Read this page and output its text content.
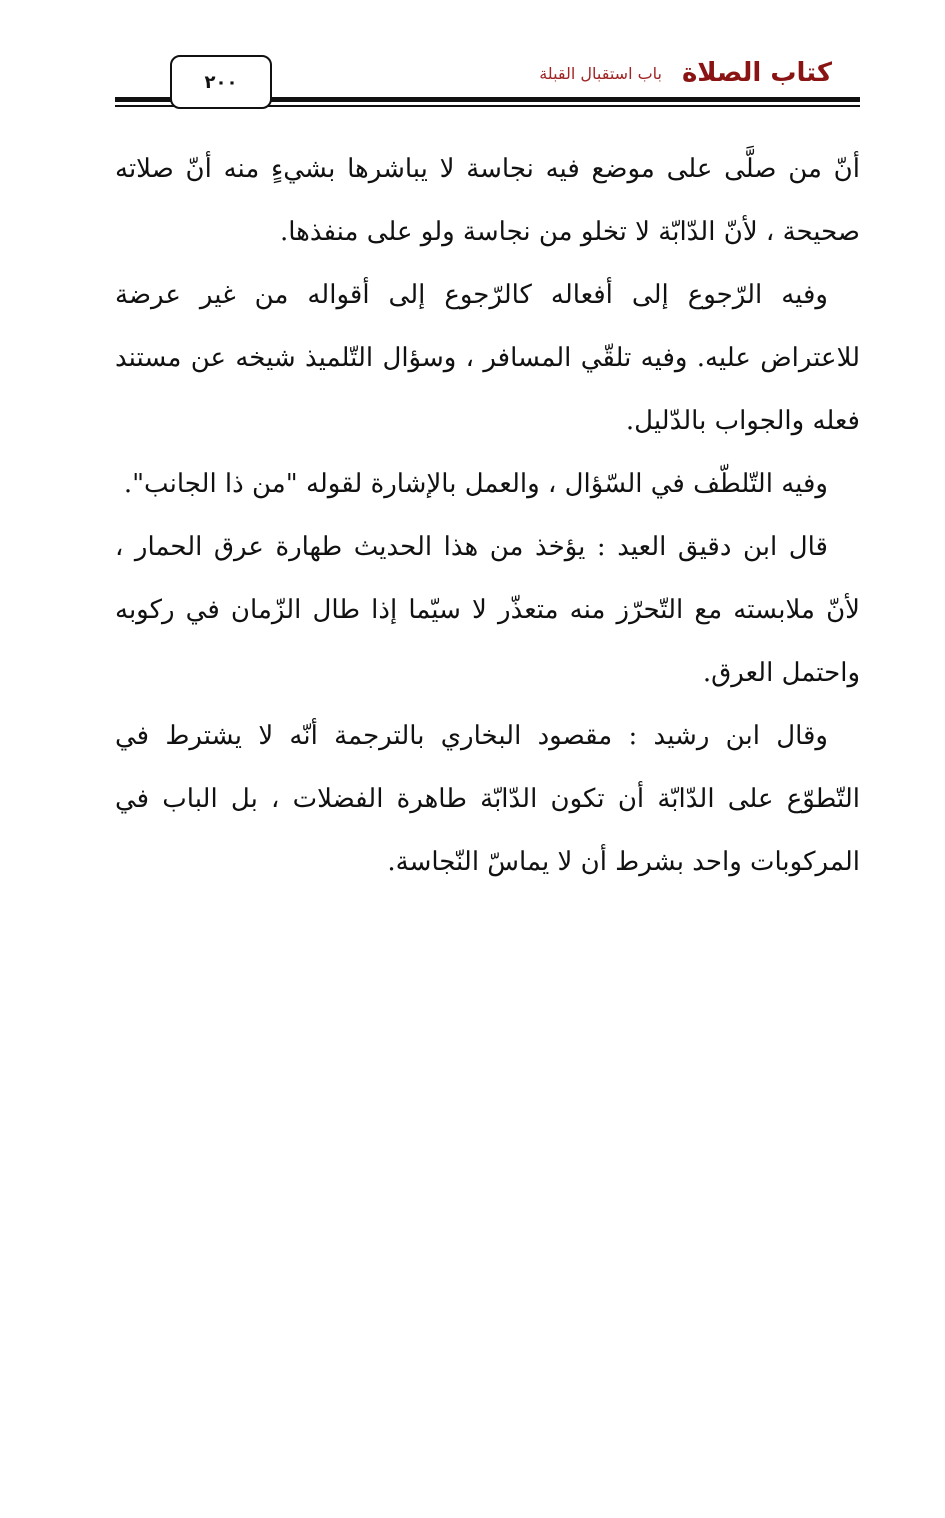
كتاب الصلاة
باب استقبال القبلة
٢٠٠

أنّ من صلَّى على موضع فيه نجاسة لا يباشرها بشيءٍ منه أنّ صلاته صحيحة ، لأنّ الدّابّة لا تخلو من نجاسة ولو على منفذها.

وفيه الرّجوع إلى أفعاله كالرّجوع إلى أقواله من غير عرضة للاعتراض عليه. وفيه تلقّي المسافر ، وسؤال التّلميذ شيخه عن مستند فعله والجواب بالدّليل.

وفيه التّلطّف في السّؤال ، والعمل بالإشارة لقوله "من ذا الجانب".

قال ابن دقيق العيد : يؤخذ من هذا الحديث طهارة عرق الحمار ، لأنّ ملابسته مع التّحرّز منه متعذّر لا سيّما إذا طال الزّمان في ركوبه واحتمل العرق.

وقال ابن رشيد : مقصود البخاري بالترجمة أنّه لا يشترط في التّطوّع على الدّابّة أن تكون الدّابّة طاهرة الفضلات ، بل الباب في المركوبات واحد بشرط أن لا يماسّ النّجاسة.
